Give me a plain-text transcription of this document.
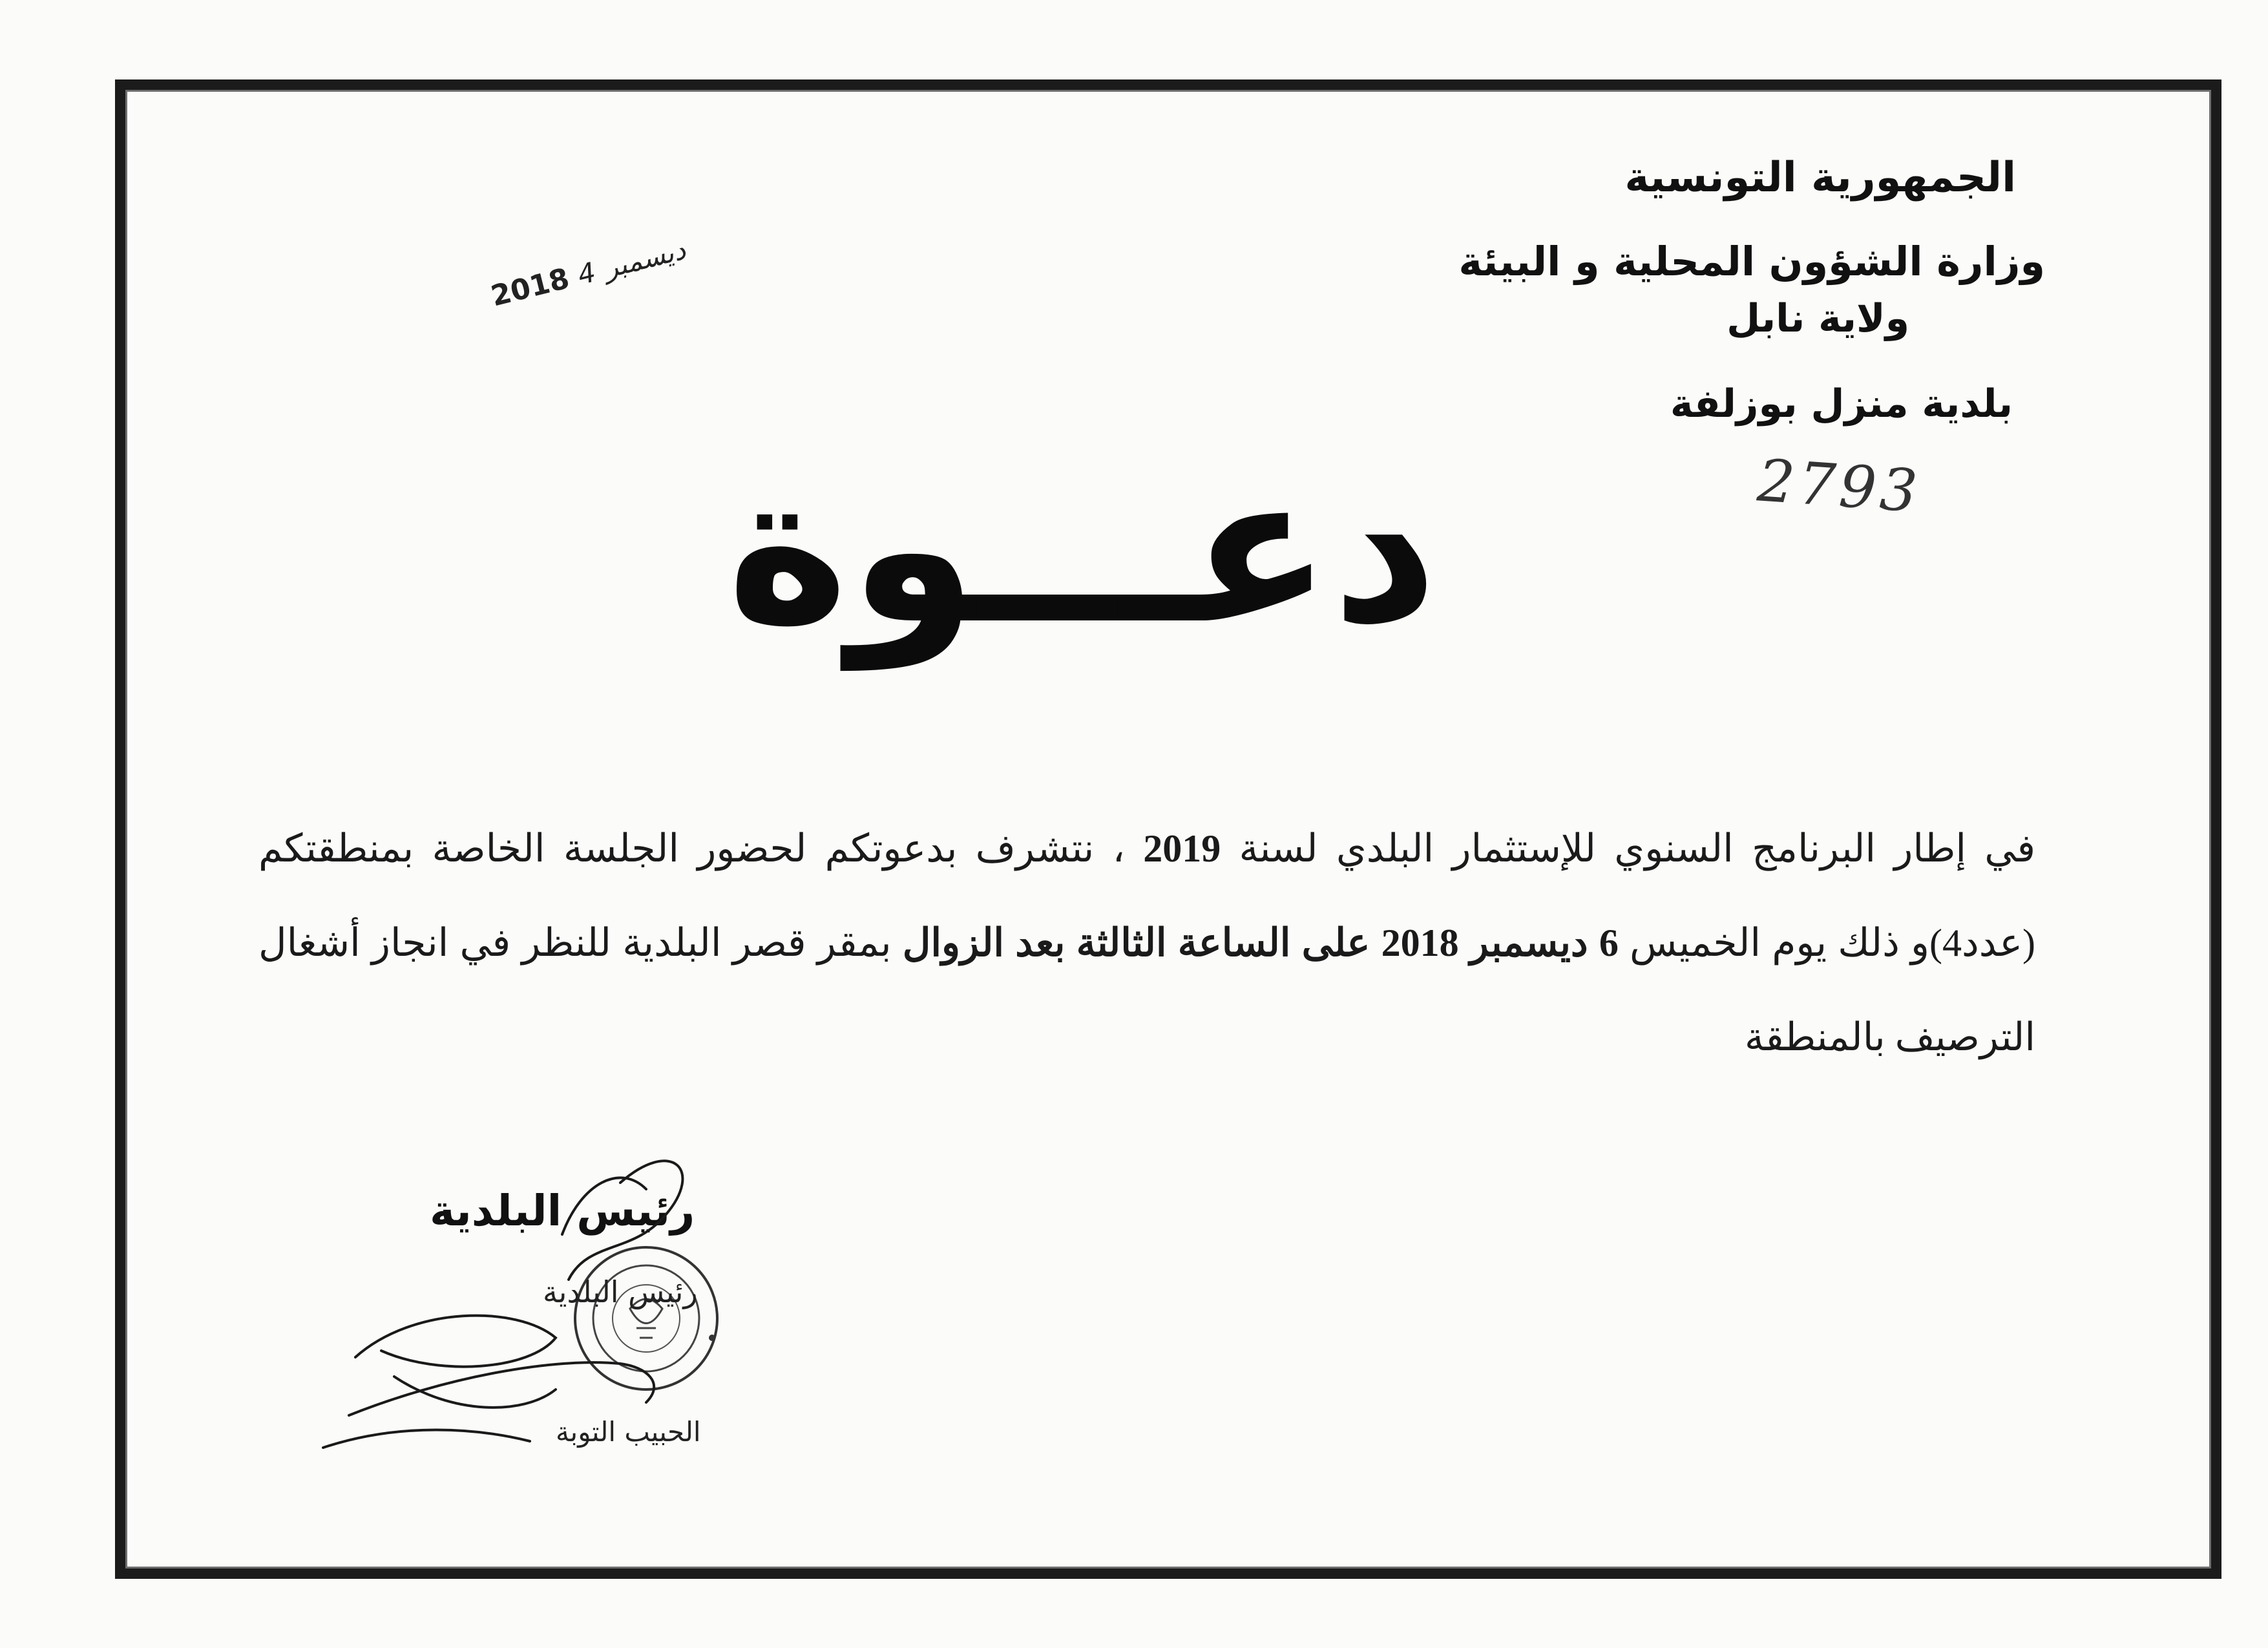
الجمهورية التونسية
وزارة الشؤون المحلية و البيئة
ولاية نابل
بلدية منزل بوزلفة
2793
2018 ديسمبر 4
دعـــوة
في إطار البرنامج السنوي للإستثمار البلدي لسنة 2019 ، نتشرف بدعوتكم لحضور الجلسة الخاصة بمنطقتكم (عدد4)و ذلك يوم الخميس 6 ديسمبر 2018 على الساعة الثالثة بعد الزوال بمقر قصر البلدية للنظر في انجاز أشغال الترصيف بالمنطقة
رئيس البلدية
رئيس البلدية
الحبيب التوبة
